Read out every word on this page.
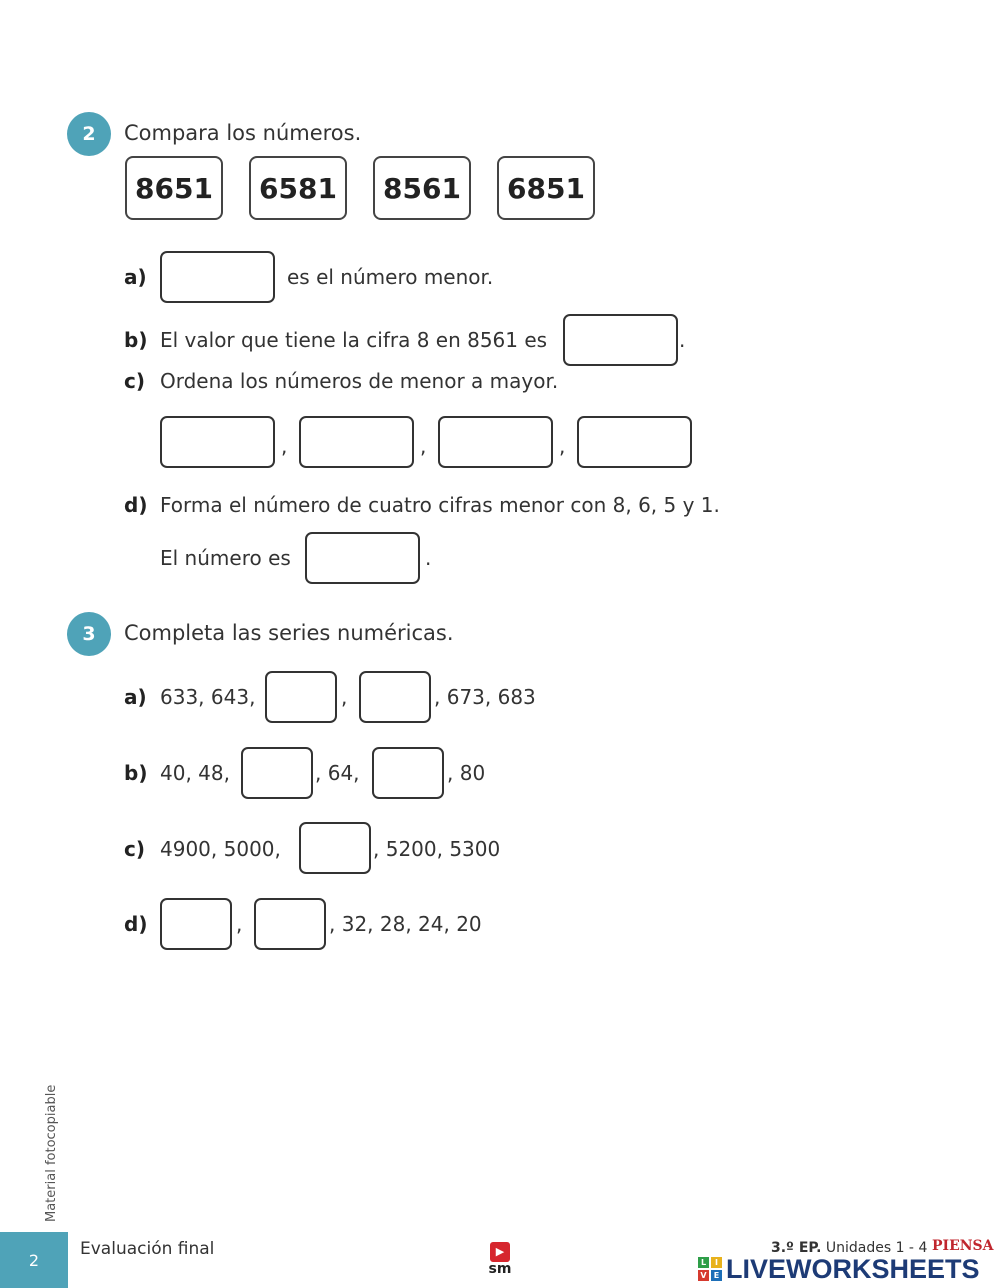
2	Compara los números.
8651	6581	8561	6851
a)	es el número menor.
b) El valor que tiene la cifra 8 en 8561 es	.
c) Ordena los números de menor a mayor.
,	,	,
d) Forma el número de cuatro cifras menor con 8, 6, 5 y 1.
El número es	.
3	Completa las series numéricas.
a) 633, 643,	,	, 673, 683
b) 40, 48,	, 64,	, 80
c) 4900, 5000,	, 5200, 5300
d)	,	, 32, 28, 24, 20
Material fotocopiable
2
Evaluación final	▶
sm
3.º EP. Unidades 1 - 4 PIENSA
L	I
V E LIVEWORKSHEETS
